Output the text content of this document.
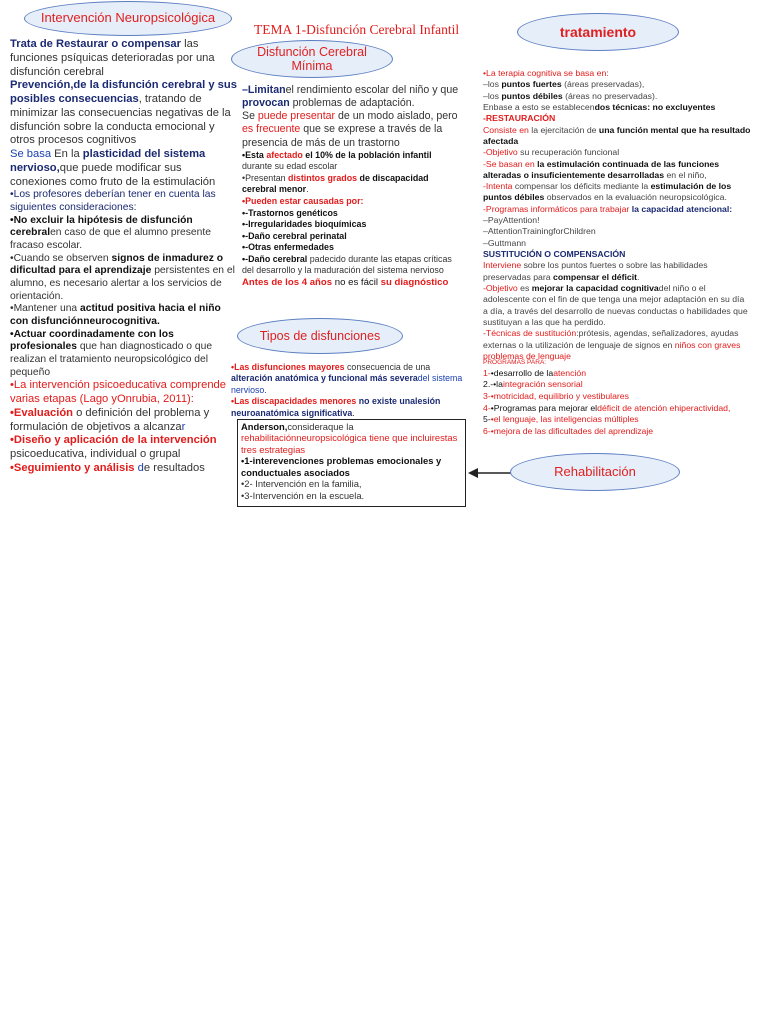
Intervención Neuropsicológica
TEMA 1-Disfunción Cerebral Infantil	tratamiento
Disfunción Cerebral Mínima

Trata de Restaurar o compensar las funciones psíquicas deterioradas por una disfunción cerebral

Prevención,de la disfunción cerebral y sus posibles consecuencias, tratando de minimizar las consecuencias negativas de la disfunción sobre la conducta emocional y otros procesos cognitivos

Se basa En la plasticidad del sistema nervioso,que puede modificar sus conexiones como fruto de la estimulación

•Los profesores deberían tener en cuenta las siguientes consideraciones:

•No excluir la hipótesis de disfunción cerebralen caso de que el alumno presente fracaso escolar.

•Cuando se observen signos de inmadurez o dificultad para el aprendizaje persistentes en el alumno, es necesario alertar a los servicios de orientación.

•Mantener una actitud positiva hacia el niño con disfunciónneurocognitiva.

•Actuar coordinadamente con los profesionales que han diagnosticado o que realizan el tratamiento neuropsicológico del pequeño

•La intervención psicoeducativa comprende varias etapas (Lago yOnrubia, 2011):

•Evaluación o definición del problema y formulación de objetivos a alcanzar

•Diseño y aplicación de la intervención psicoeducativa, individual o grupal

•Seguimiento y análisis de resultados

–Limitanel rendimiento escolar del niño y que provocan problemas de adaptación.

Se puede presentar de un modo aislado, pero es frecuente que se exprese a través de la presencia de más de un trastorno

•Esta afectado el 10% de la población infantil durante su edad escolar

•Presentan distintos grados de discapacidad cerebral menor.

•Pueden estar causadas por:

•-Trastornos genéticos

•-Irregularidades bioquímicas

•-Daño cerebral perinatal

•-Otras enfermedades

•-Daño cerebral padecido durante las etapas críticas del desarrollo y la maduración del sistema nervioso

Antes de los 4 años no es fácil su diagnóstico

Tipos de disfunciones

•Las disfunciones mayores consecuencia de una alteración anatómica y funcional más severadel sistema nervioso.

•Las discapacidades menores no existe unalesión neuroanatómica significativa.

Anderson,consideraque la rehabilitaciónneuropsicológica tiene que incluirestas tres estrategias

•1-interevenciones problemas emocionales y conductuales asociados

•2- Intervención en la familia,

•3-Intervención en la escuela.

•La terapia cognitiva se basa en:

–los puntos fuertes (áreas preservadas),

–los puntos débiles (áreas no preservadas).

Enbase a esto se establecendos técnicas: no excluyentes

-RESTAURACIÓN

Consiste en la ejercitación de una función mental que ha resultado afectada

-Objetivo su recuperación funcional

-Se basan en la estimulación continuada de las funciones alteradas o insuficientemente desarrolladas en el niño,

-Intenta compensar los déficits mediante la estimulación de los puntos débiles observados en la evaluación neuropsicológica.

-Programas informáticos para trabajar la capacidad atencional:

–PayAttention!

–AttentionTrainingforChildren

–Guttmann

SUSTITUCIÓN O COMPENSACIÓN

Interviene sobre los puntos fuertes o sobre las habilidades preservadas para compensar el déficit.

-Objetivo es mejorar la capacidad cognitivadel niño o el adolescente con el fin de que tenga una mejor adaptación en su día a día, a través del desarrollo de nuevas conductas o habilidades que sustituyan a las que ha perdido.

-Técnicas de sustitución:prótesis, agendas, señalizadores, ayudas externas o la utilización de lenguaje de signos en niños con graves problemas de lenguaje

PROGRAMAS PARA:

1-•desarrollo de laatención

2.-•laintegración sensorial

3-•motricidad, equilibrio y vestibulares

4-•Programas para mejorar eldéficit de atención ehiperactividad,

5-•el lenguaje, las inteligencias múltiples

6-•mejora de las dificultades del aprendizaje

Rehabilitación
